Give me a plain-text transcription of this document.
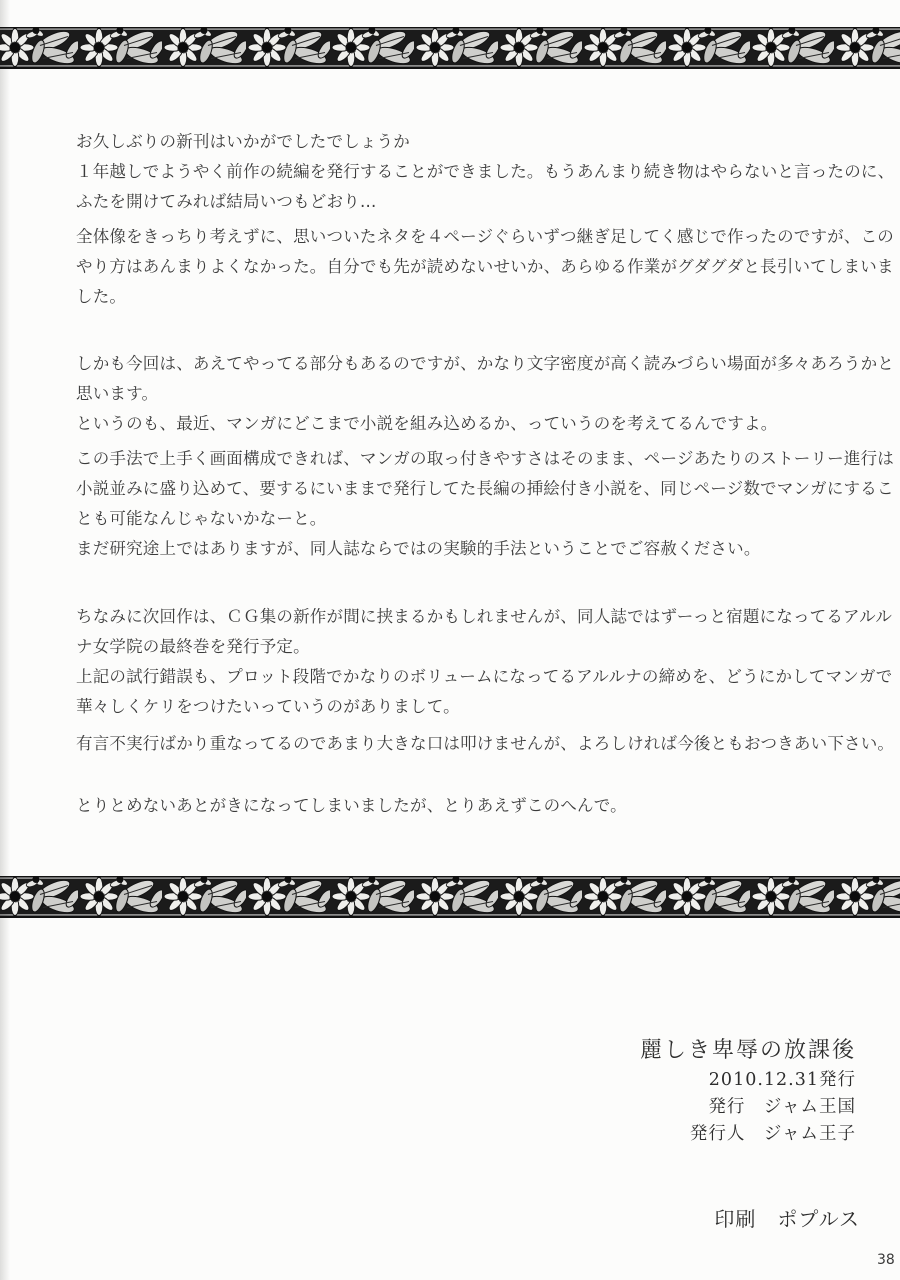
お久しぶりの新刊はいかがでしたでしょうか
１年越しでようやく前作の続編を発行することができました。もうあんまり続き物はやらないと言ったのに、
ふたを開けてみれば結局いつもどおり…
全体像をきっちり考えずに、思いついたネタを４ページぐらいずつ継ぎ足してく感じで作ったのですが、この
やり方はあんまりよくなかった。自分でも先が読めないせいか、あらゆる作業がグダグダと長引いてしまいま
した。
しかも今回は、あえてやってる部分もあるのですが、かなり文字密度が高く読みづらい場面が多々あろうかと
思います。
というのも、最近、マンガにどこまで小説を組み込めるか、っていうのを考えてるんですよ。
この手法で上手く画面構成できれば、マンガの取っ付きやすさはそのまま、ページあたりのストーリー進行は
小説並みに盛り込めて、要するにいままで発行してた長編の挿絵付き小説を、同じページ数でマンガにするこ
とも可能なんじゃないかなーと。
まだ研究途上ではありますが、同人誌ならではの実験的手法ということでご容赦ください。
ちなみに次回作は、ＣＧ集の新作が間に挟まるかもしれませんが、同人誌ではずーっと宿題になってるアルル
ナ女学院の最終巻を発行予定。
上記の試行錯誤も、プロット段階でかなりのボリュームになってるアルルナの締めを、どうにかしてマンガで
華々しくケリをつけたいっていうのがありまして。
有言不実行ばかり重なってるのであまり大きな口は叩けませんが、よろしければ今後ともおつきあい下さい。
とりとめないあとがきになってしまいましたが、とりあえずこのへんで。
麗しき卑辱の放課後
2010.12.31発行
発行　ジャム王国
発行人　ジャム王子
印刷　ポプルス
38
